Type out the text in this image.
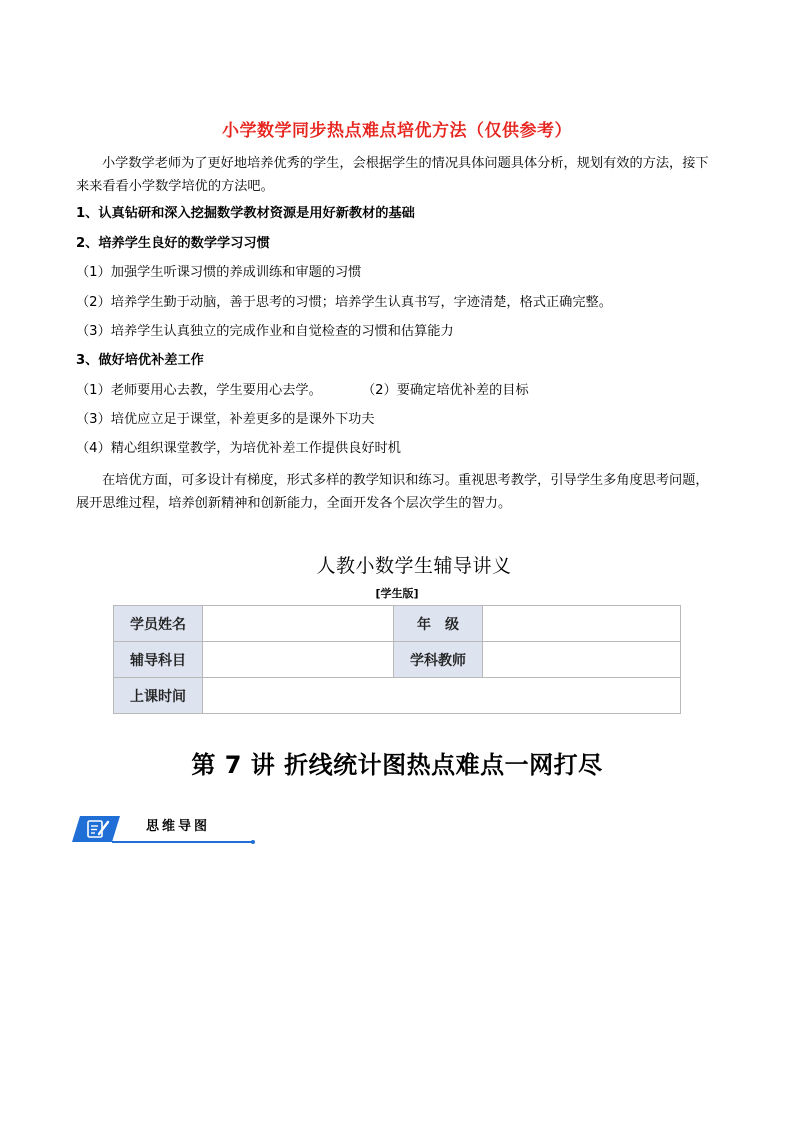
小学数学同步热点难点培优方法（仅供参考）
小学数学老师为了更好地培养优秀的学生，会根据学生的情况具体问题具体分析，规划有效的方法，接下来来看看小学数学培优的方法吧。
1、认真钻研和深入挖掘数学教材资源是用好新教材的基础
2、培养学生良好的数学学习习惯
（1）加强学生听课习惯的养成训练和审题的习惯
（2）培养学生勤于动脑，善于思考的习惯；培养学生认真书写，字迹清楚，格式正确完整。
（3）培养学生认真独立的完成作业和自觉检查的习惯和估算能力
3、做好培优补差工作
（1）老师要用心去教，学生要用心去学。	（2）要确定培优补差的目标
（3）培优应立足于课堂，补差更多的是课外下功夫
（4）精心组织课堂教学，为培优补差工作提供良好时机
在培优方面，可多设计有梯度，形式多样的教学知识和练习。重视思考教学，引导学生多角度思考问题，展开思维过程，培养创新精神和创新能力，全面开发各个层次学生的智力。
人教小数学生辅导讲义
[学生版]
学员姓名		年　级	
辅导科目		学科教师	
上课时间			
第 7 讲 折线统计图热点难点一网打尽
思维导图
